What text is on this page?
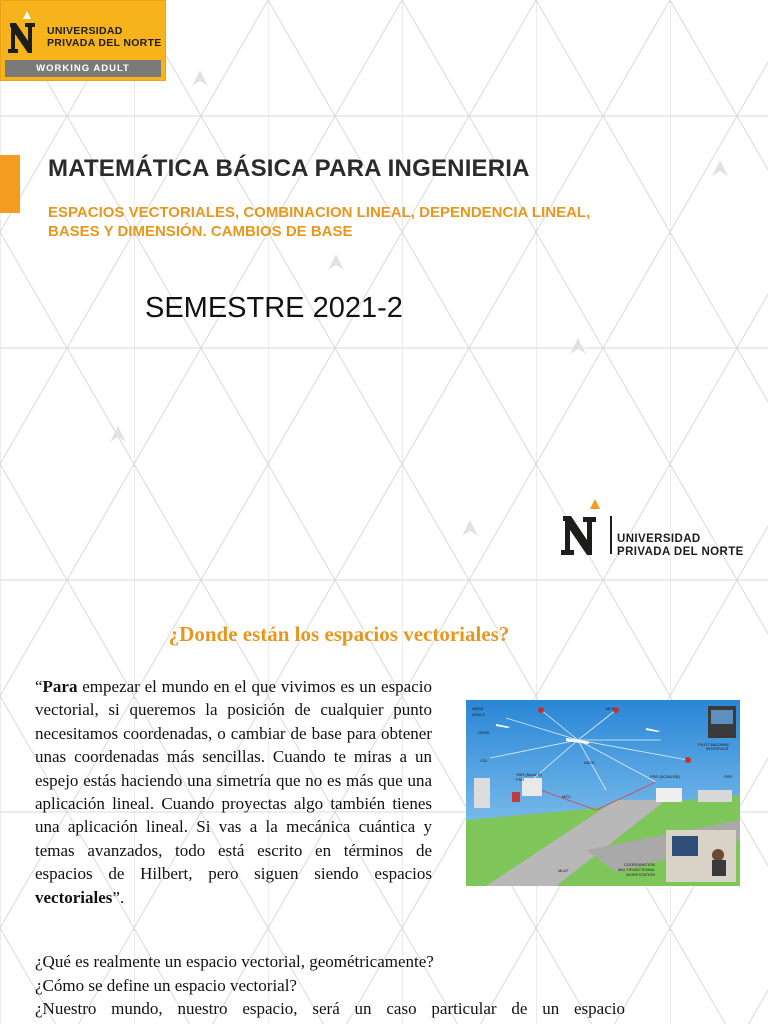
UNIVERSIDAD
PRIVADA DEL NORTE
WORKING ADULT
MATEMÁTICA BÁSICA PARA INGENIERIA
ESPACIOS VECTORIALES, COMBINACION LINEAL, DEPENDENCIA LINEAL,
BASES Y DIMENSIÓN. CAMBIOS DE BASE
SEMESTRE 2021-2
UNIVERSIDAD
PRIVADA DEL NORTE
¿Donde están los espacios vectoriales?

“Para empezar el mundo en el que vivimos es un espacio vectorial, si queremos la posición de cualquier punto necesitamos coordenadas, o cambiar de base para obtener unas coordenadas más sencillas. Cuando te miras a un espejo estás haciendo una simetría que no es más que una aplicación lineal. Cuando proyectas algo también tienes una aplicación lineal. Si vas a la mecánica cuántica y temas avanzados, todo está escrito en términos de espacios de Hilbert, pero siguen siendo espacios vectoriales”.

AMSS
ASDLS
GNSS
VDL
MLS
SSR (Mode S)
PSR
ASDE
MCC
PILOT-MACHINE
INTERFACE
SSR
PSR (ACAS/GB)
MLAT
COORDINATION
MULTIFUNCTIONAL
WORKSTATION

¿Qué es realmente un espacio vectorial, geométricamente?

¿Cómo se define un espacio vectorial?

¿Nuestro mundo, nuestro espacio, será un caso particular de un espacio
